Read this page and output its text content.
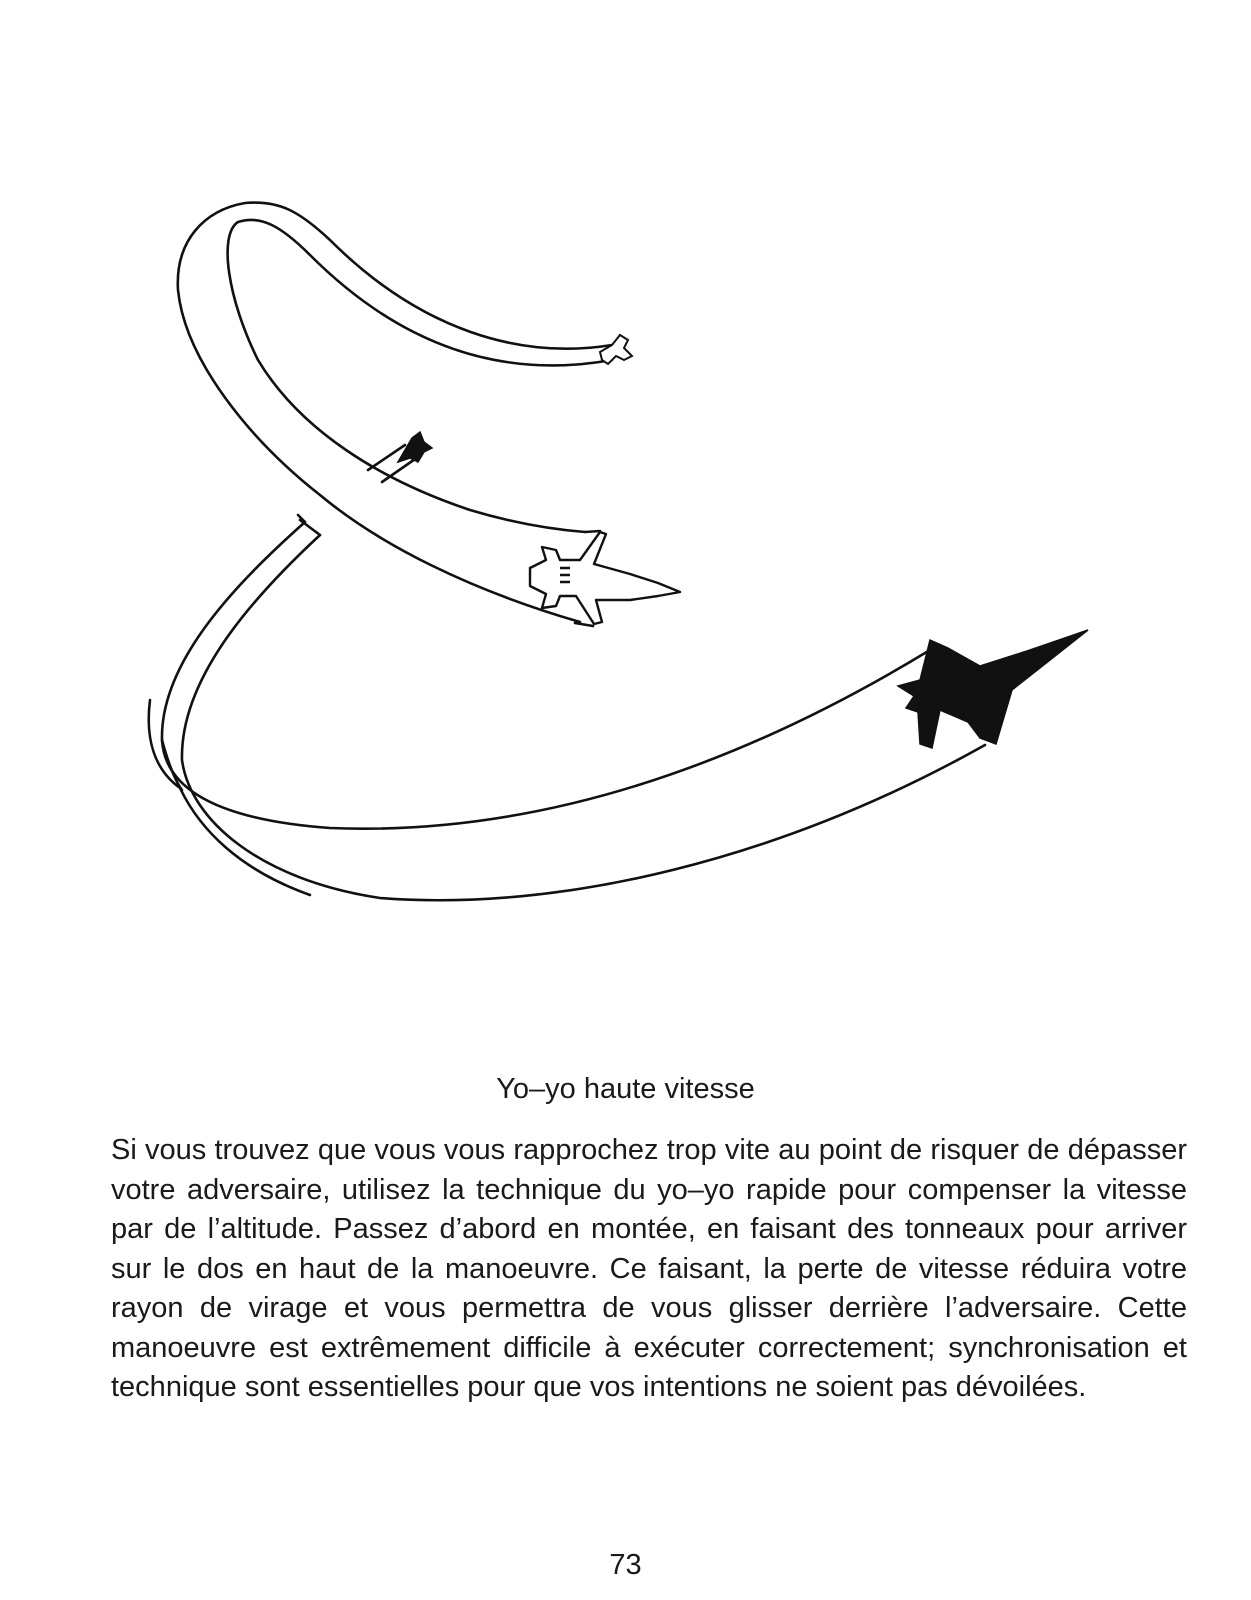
Yo–yo haute vitesse

Si vous trouvez que vous vous rapprochez trop vite au point de risquer de dépasser votre adversaire, utilisez la technique du yo–yo rapide pour compenser la vitesse par de l’altitude. Passez d’abord en montée, en faisant des tonneaux pour arriver sur le dos en haut de la manoeuvre. Ce faisant, la perte de vitesse réduira votre rayon de virage et vous permettra de vous glisser derrière l’adversaire. Cette manoeuvre est extrêmement difficile à exécuter correctement; synchronisation et technique sont essentielles pour que vos intentions ne soient pas dévoilées.

73
